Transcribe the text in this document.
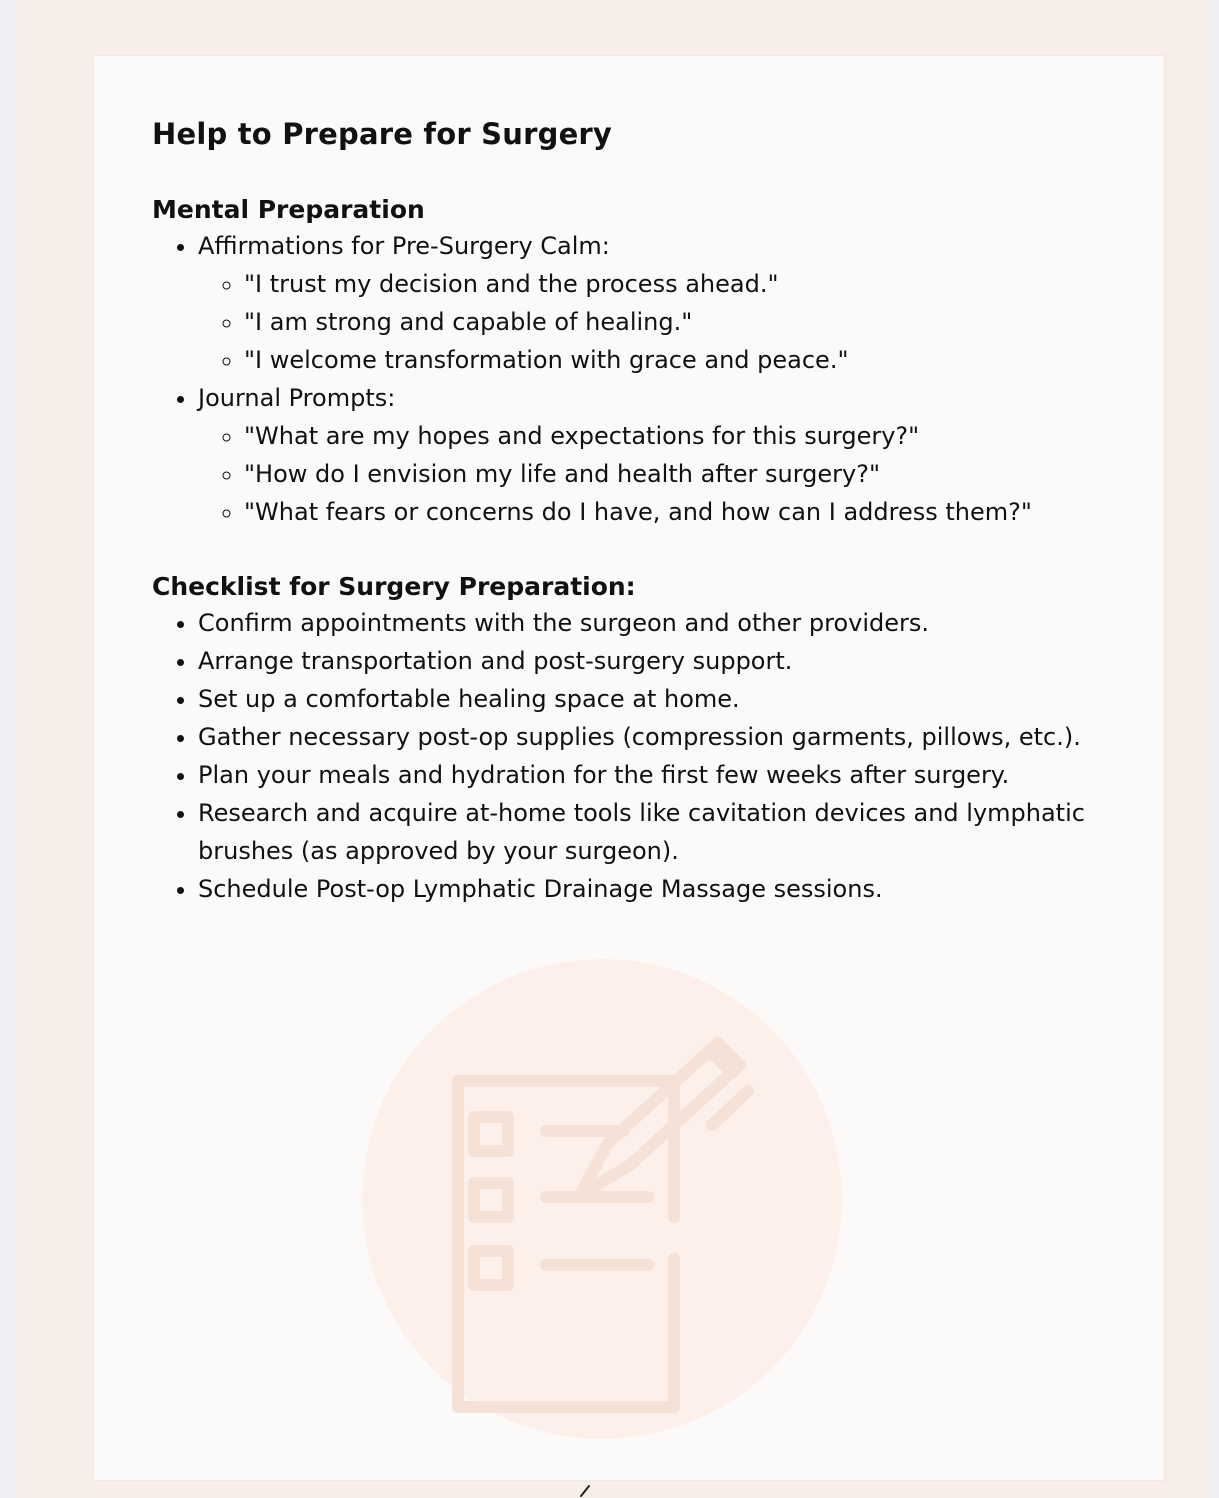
Help to Prepare for Surgery
Mental Preparation
• Affirmations for Pre-Surgery Calm:
◦ "I trust my decision and the process ahead."
◦ "I am strong and capable of healing."
◦ "I welcome transformation with grace and peace."
• Journal Prompts:
◦ "What are my hopes and expectations for this surgery?"
◦ "How do I envision my life and health after surgery?"
◦ "What fears or concerns do I have, and how can I address them?"
Checklist for Surgery Preparation:
• Confirm appointments with the surgeon and other providers.
• Arrange transportation and post-surgery support.
• Set up a comfortable healing space at home.
• Gather necessary post-op supplies (compression garments, pillows, etc.).
• Plan your meals and hydration for the first few weeks after surgery.
• Research and acquire at-home tools like cavitation devices and lymphatic brushes (as approved by your surgeon).
• Schedule Post-op Lymphatic Drainage Massage sessions.
